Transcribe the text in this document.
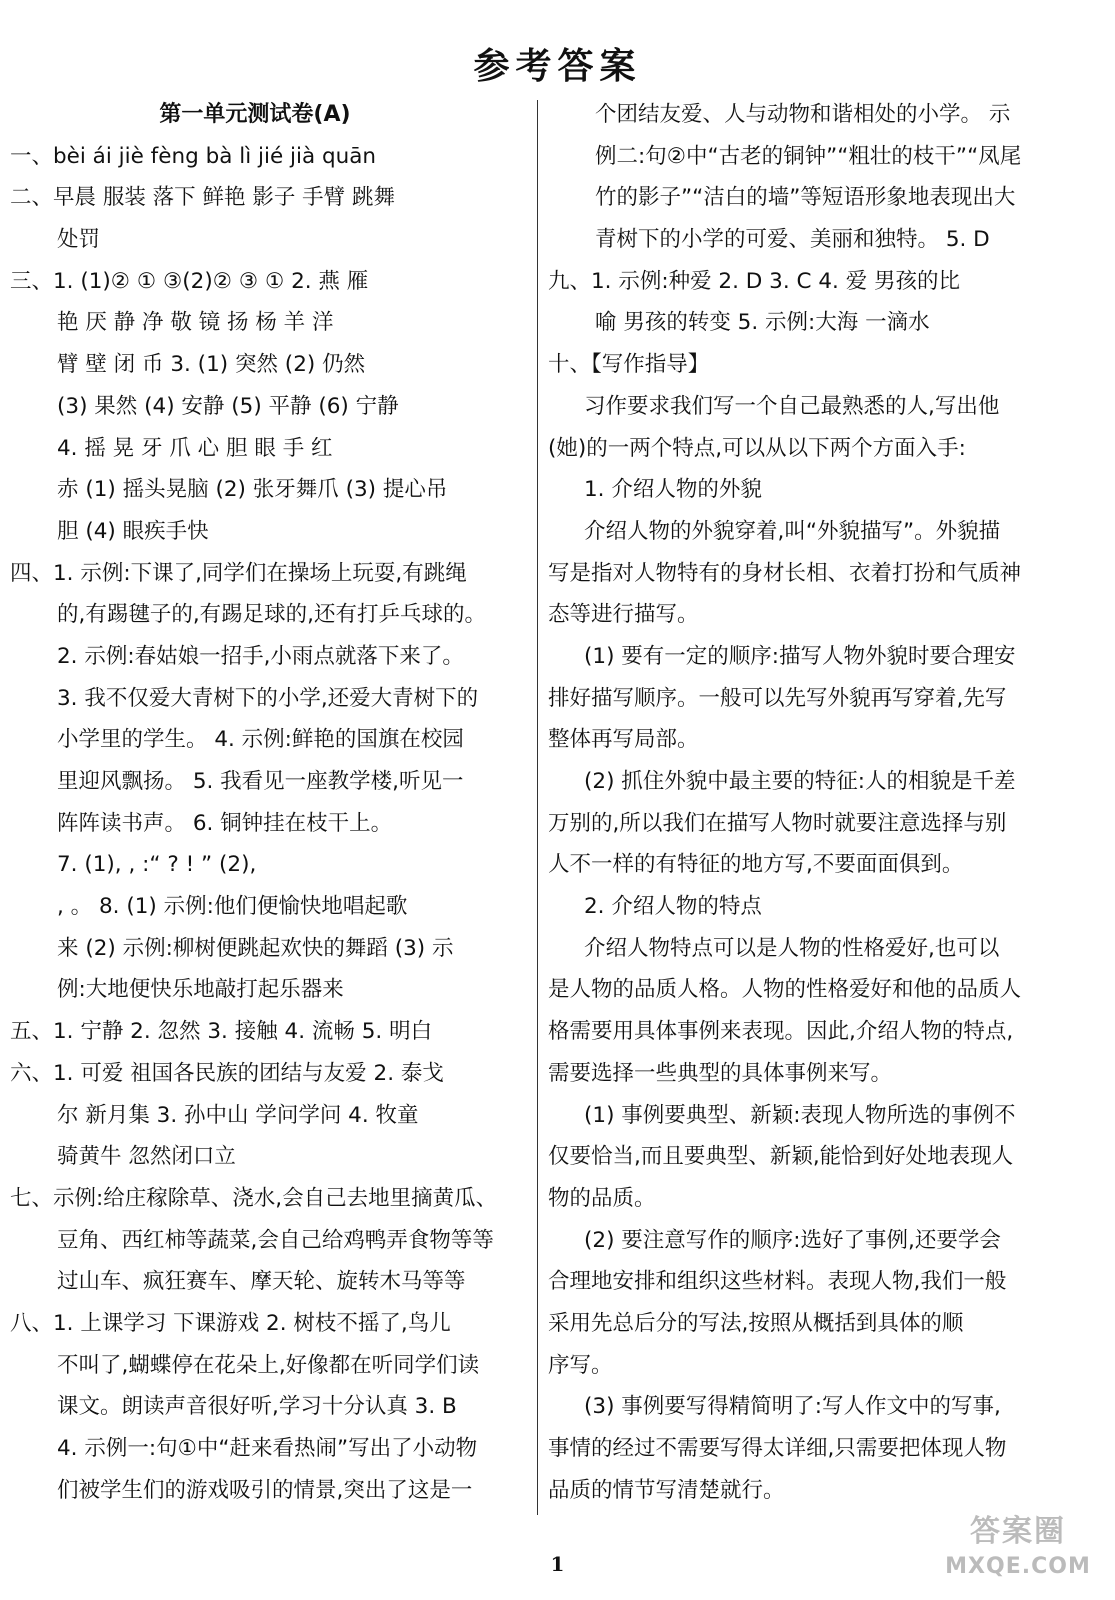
参考答案
第一单元测试卷(A)
一、bèi ái jiè fèng bà lì jié jià quān
二、早晨 服装 落下 鲜艳 影子 手臂 跳舞
处罚
三、1. (1)② ① ③(2)② ③ ① 2. 燕 雁
艳 厌 静 净 敬 镜 扬 杨 羊 洋
臂 壁 闭 币 3. (1) 突然 (2) 仍然
(3) 果然 (4) 安静 (5) 平静 (6) 宁静
4. 摇 晃 牙 爪 心 胆 眼 手 红
赤 (1) 摇头晃脑 (2) 张牙舞爪 (3) 提心吊
胆 (4) 眼疾手快
四、1. 示例:下课了,同学们在操场上玩耍,有跳绳
的,有踢毽子的,有踢足球的,还有打乒乓球的。
2. 示例:春姑娘一招手,小雨点就落下来了。
3. 我不仅爱大青树下的小学,还爱大青树下的
小学里的学生。 4. 示例:鲜艳的国旗在校园
里迎风飘扬。 5. 我看见一座教学楼,听见一
阵阵读书声。 6. 铜钟挂在枝干上。
7. (1), , :“ ? ! ” (2),
, 。 8. (1) 示例:他们便愉快地唱起歌
来 (2) 示例:柳树便跳起欢快的舞蹈 (3) 示
例:大地便快乐地敲打起乐器来
五、1. 宁静 2. 忽然 3. 接触 4. 流畅 5. 明白
六、1. 可爱 祖国各民族的团结与友爱 2. 泰戈
尔 新月集 3. 孙中山 学问学问 4. 牧童
骑黄牛 忽然闭口立
七、示例:给庄稼除草、浇水,会自己去地里摘黄瓜、
豆角、西红柿等蔬菜,会自己给鸡鸭弄食物等等
过山车、疯狂赛车、摩天轮、旋转木马等等
八、1. 上课学习 下课游戏 2. 树枝不摇了,鸟儿
不叫了,蝴蝶停在花朵上,好像都在听同学们读
课文。朗读声音很好听,学习十分认真 3. B
4. 示例一:句①中“赶来看热闹”写出了小动物
们被学生们的游戏吸引的情景,突出了这是一
个团结友爱、人与动物和谐相处的小学。 示
例二:句②中“古老的铜钟”“粗壮的枝干”“凤尾
竹的影子”“洁白的墙”等短语形象地表现出大
青树下的小学的可爱、美丽和独特。 5. D
九、1. 示例:种爱 2. D 3. C 4. 爱 男孩的比
喻 男孩的转变 5. 示例:大海 一滴水
十、【写作指导】
习作要求我们写一个自己最熟悉的人,写出他
(她)的一两个特点,可以从以下两个方面入手:
1. 介绍人物的外貌
介绍人物的外貌穿着,叫“外貌描写”。外貌描
写是指对人物特有的身材长相、衣着打扮和气质神
态等进行描写。
(1) 要有一定的顺序:描写人物外貌时要合理安
排好描写顺序。一般可以先写外貌再写穿着,先写
整体再写局部。
(2) 抓住外貌中最主要的特征:人的相貌是千差
万别的,所以我们在描写人物时就要注意选择与别
人不一样的有特征的地方写,不要面面俱到。
2. 介绍人物的特点
介绍人物特点可以是人物的性格爱好,也可以
是人物的品质人格。人物的性格爱好和他的品质人
格需要用具体事例来表现。因此,介绍人物的特点,
需要选择一些典型的具体事例来写。
(1) 事例要典型、新颖:表现人物所选的事例不
仅要恰当,而且要典型、新颖,能恰到好处地表现人
物的品质。
(2) 要注意写作的顺序:选好了事例,还要学会
合理地安排和组织这些材料。表现人物,我们一般
采用先总后分的写法,按照从概括到具体的顺
序写。
(3) 事例要写得精简明了:写人作文中的写事,
事情的经过不需要写得太详细,只需要把体现人物
品质的情节写清楚就行。
1
答案圈
MXQE.COM
